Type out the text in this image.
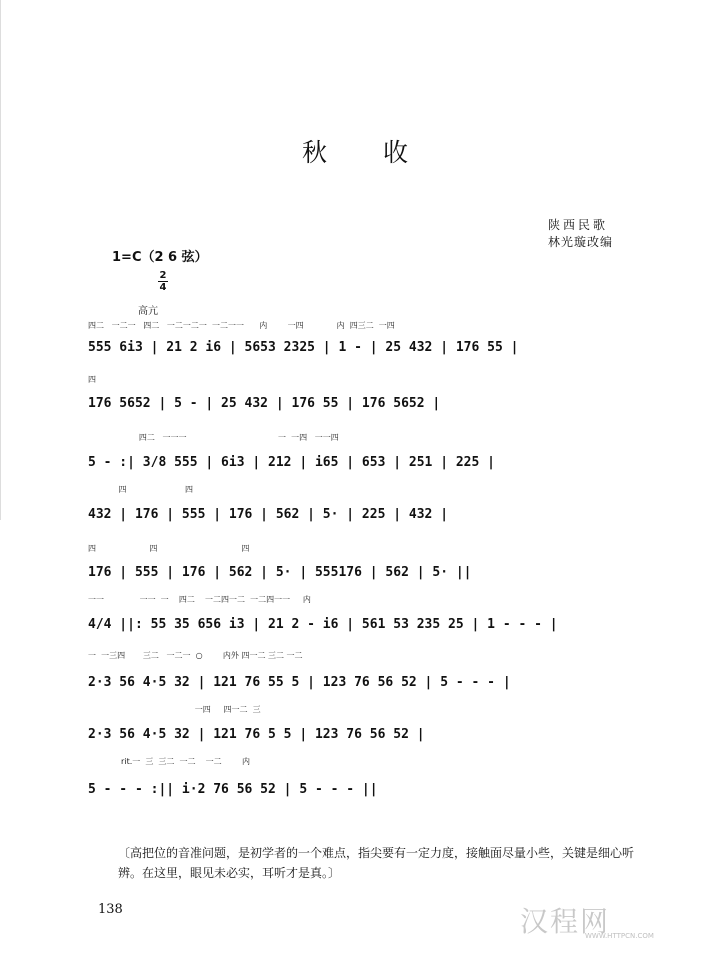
秋 收
陕西民歌
林光璇改编
1=C（2 6 弦）
2
4
高亢
四二   一二一   四二   一二一二一  一二一一      内        一四             内  四三二  一四
555 6i3 | 21 2 i6 | 5653 2325 | 1 - | 25 432 | 176 55 |
四
176 5652 | 5 - | 25 432 | 176 55 | 176 5652 |
四二   一一一                                    一  一四   一一四
5 - :| 3/8 555 | 6i3 | 212 | i65 | 653 | 251 | 225 |
四                       四
432 | 176 | 555 | 176 | 562 | 5· | 225 | 432 |
四                     四                                 四
176 | 555 | 176 | 562 | 5· | 555176 | 562 | 5· ||
一一              一一  一    四二    一二四一二  一二四一一     内
4/4 ||: 55 35 656 i3 | 21 2 - i6 | 561 53 235 25 | 1 - - - |
一  一三四       三二   一二一  ○        内外 四一二 三二 一二
2·3 56 4·5 32 | 121 76 55 5 | 123 76 56 52 | 5 - - - |
一四     四一二  三
2·3 56 4·5 32 | 121 76 5 5 | 123 76 56 52 |
rit.一  三  三二  一二    一二        内
5 - - - :|| i·2 76 56 52 | 5 - - - ||
〔高把位的音准问题，是初学者的一个难点，指尖要有一定力度，接触面尽量小些，关键是细心听辨。在这里，眼见未必实，耳听才是真。〕
138	汉程网
WWW.HTTPCN.COM
